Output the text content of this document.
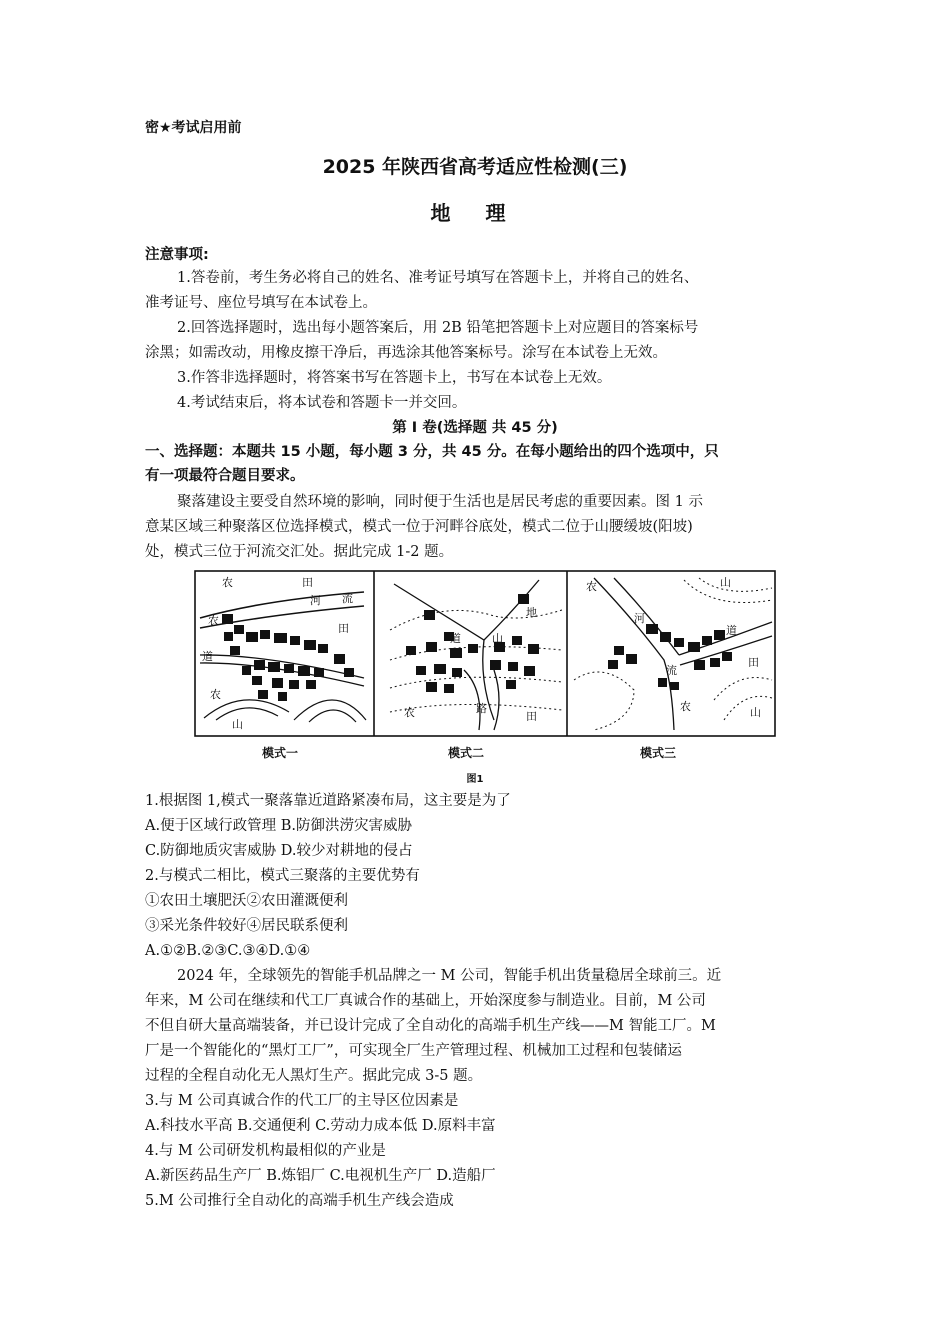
密★考试启用前
2025 年陕西省高考适应性检测(三)
地 理
注意事项:
1.答卷前，考生务必将自己的姓名、准考证号填写在答题卡上，并将自己的姓名、
准考证号、座位号填写在本试卷上。
2.回答选择题时，选出每小题答案后，用 2B 铅笔把答题卡上对应题目的答案标号
涂黑；如需改动，用橡皮擦干净后，再选涂其他答案标号。涂写在本试卷上无效。
3.作答非选择题时，将答案书写在答题卡上，书写在本试卷上无效。
4.考试结束后，将本试卷和答题卡一并交回。
第 I 卷(选择题 共 45 分)
一、选择题：本题共 15 小题，每小题 3 分，共 45 分。在每小题给出的四个选项中，只
有一项最符合题目要求。
聚落建设主要受自然环境的影响，同时便于生活也是居民考虑的重要因素。图 1 示
意某区域三种聚落区位选择模式，模式一位于河畔谷底处，模式二位于山腰缓坡(阳坡)
处，模式三位于河流交汇处。据此完成 1-2 题。
农	田
河 流
农
道
田
农
山
地
道	山
农	路
田
农	山
河
道
田
流
农	山
模式一	模式二	模式三
图1
1.根据图 1,模式一聚落靠近道路紧凑布局，这主要是为了
A.便于区域行政管理 B.防御洪涝灾害威胁
C.防御地质灾害威胁 D.较少对耕地的侵占
2.与模式二相比，模式三聚落的主要优势有
①农田土壤肥沃②农田灌溉便利
③采光条件较好④居民联系便利
A.①②B.②③C.③④D.①④
2024 年，全球领先的智能手机品牌之一 M 公司，智能手机出货量稳居全球前三。近
年来，M 公司在继续和代工厂真诚合作的基础上，开始深度参与制造业。目前，M 公司
不但自研大量高端装备，并已设计完成了全自动化的高端手机生产线——M 智能工厂。M
厂是一个智能化的“黑灯工厂”，可实现全厂生产管理过程、机械加工过程和包装储运
过程的全程自动化无人黑灯生产。据此完成 3-5 题。
3.与 M 公司真诚合作的代工厂的主导区位因素是
A.科技水平高 B.交通便利 C.劳动力成本低 D.原料丰富
4.与 M 公司研发机构最相似的产业是
A.新医药品生产厂 B.炼铝厂 C.电视机生产厂 D.造船厂
5.M 公司推行全自动化的高端手机生产线会造成
